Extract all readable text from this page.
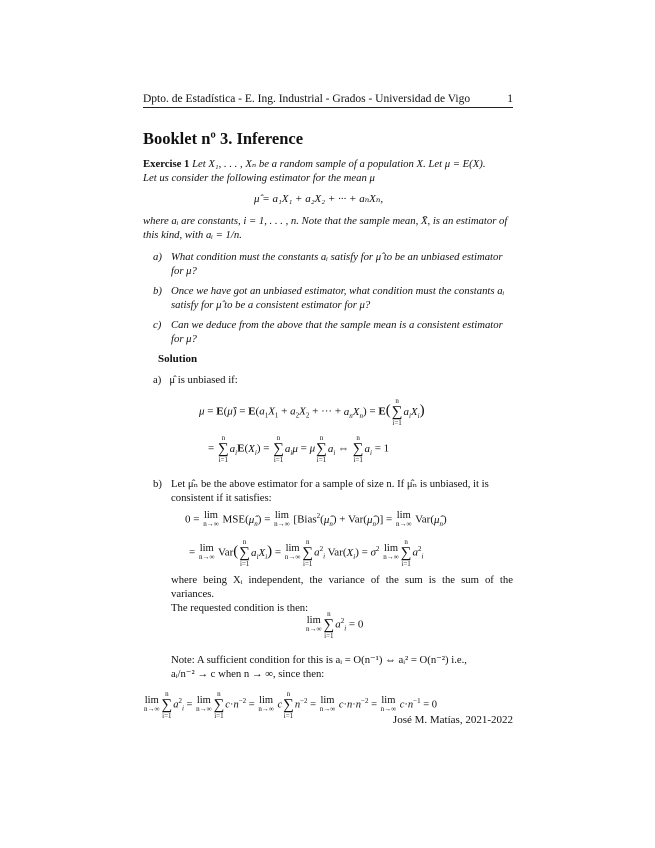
Dpto. de Estadística - E. Ing. Industrial - Grados - Universidad de Vigo	1
Booklet nº 3. Inference
Exercise 1 Let X₁, . . . , Xₙ be a random sample of a population X. Let μ = E(X).
Let us consider the following estimator for the mean μ
μ̂ = a₁X₁ + a₂X₂ + ··· + aₙXₙ,
where aᵢ are constants, i = 1, . . . , n. Note that the sample mean, X̄, is an estimator of
this kind, with aᵢ = 1/n.
a) What condition must the constants aᵢ satisfy for μ̂ to be an unbiased estimator
for μ?
b) Once we have got an unbiased estimator, what condition must the constants aᵢ
satisfy for μ̂ to be a consistent estimator for μ?
c) Can we deduce from the above that the sample mean is a consistent estimator
for μ?
Solution
a) μ̂ is unbiased if:
μ = E(μ̂) = $E(a_1X_1 + a_2X_2$ + ··· + $a_nX_n) = E$(
n
∑
i=1
$a_iX_i$)
=
n
∑
i=1
$a_iE(X_i)$ =
n
∑
i=1
$a_i\mu = \mu$
n
∑
i=1
$a_i$ ⇔
n
∑
i=1
$a_i = 1$
b) Let μ̂ₙ be the above estimator for a sample of size n. If μ̂ₙ is unbiased, it is
consistent if it satisfies:
0 = lim
n→∞ $MSE(\mû_n) = \lim$
n→∞ [$Bias^2(\mû_n)$ + $Var(\mû_n)] = \lim$
n→∞ $Var(\mû_n)$
= lim
n→∞ Var(
n
∑
i=1
$a_iX_i) = \lim$
n→∞
n
∑
i=1
$a^2_i$ $Var(X_i) = \sigma^2$ lim
n→∞
n
∑
i=1
$a^2_i$
where being Xᵢ independent, the variance of the sum is the sum of the variances.
The requested condition is then:
lim
n→∞
n
∑
i=1
$a^2_i = 0$
Note: A sufficient condition for this is aᵢ = O(n⁻¹) ⇔ aᵢ² = O(n⁻²) i.e.,
aᵢ/n⁻² → c when n → ∞, since then:
lim
n→∞
n
∑
i=1
$a^2_i = \lim$
n→∞
n
∑
i=1
$c\cdot n^{-2} = \lim$
n→∞ c
n
∑
i=1
$n^{-2} = \lim$
n→∞ $c\cdot n\cdot n^{-2} = \lim$
n→∞ $c\cdot n^{-1} = 0$
José M. Matías, 2021-2022
